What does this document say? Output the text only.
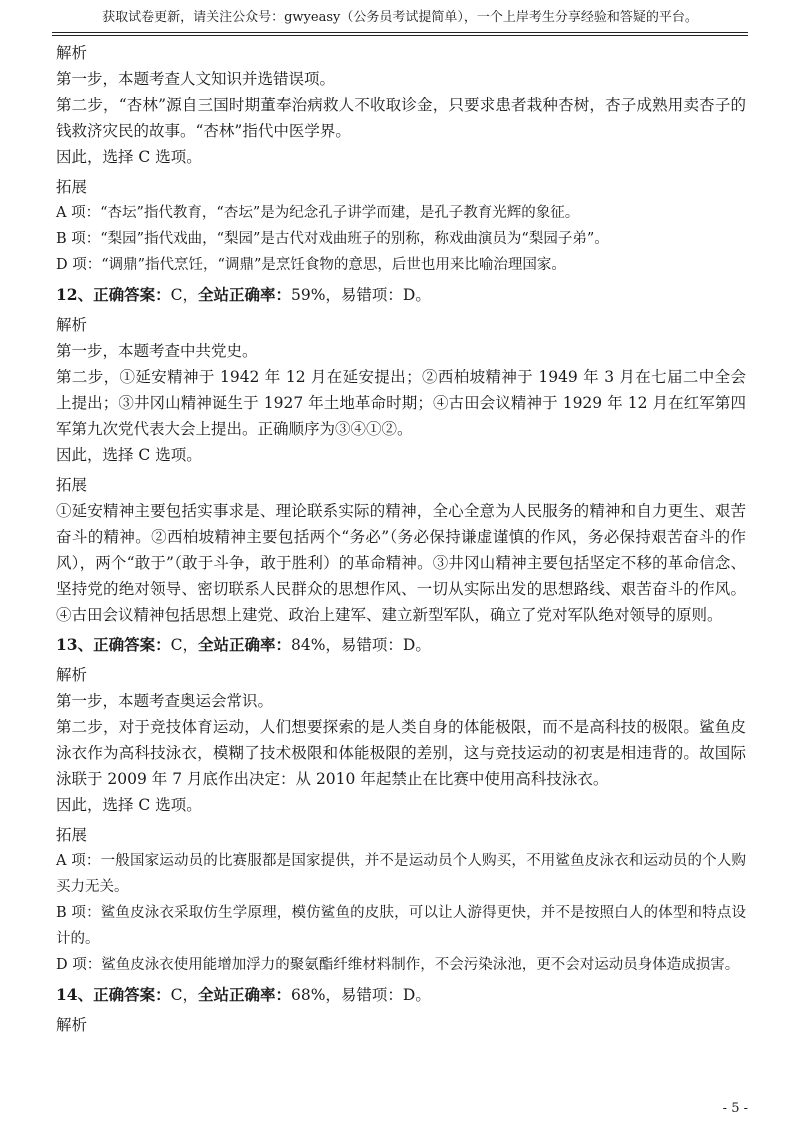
获取试卷更新，请关注公众号：gwyeasy（公务员考试提简单），一个上岸考生分享经验和答疑的平台。

解析

第一步，本题考查人文知识并选错误项。

第二步，“杏林”源自三国时期董奉治病救人不收取诊金，只要求患者栽种杏树，杏子成熟用卖杏子的钱救济灾民的故事。“杏林”指代中医学界。

因此，选择 C 选项。

拓展

A 项：“杏坛”指代教育，“杏坛”是为纪念孔子讲学而建，是孔子教育光辉的象征。

B 项：“梨园”指代戏曲，“梨园”是古代对戏曲班子的别称，称戏曲演员为“梨园子弟”。

D 项：“调鼎”指代烹饪，“调鼎”是烹饪食物的意思，后世也用来比喻治理国家。

12、正确答案：C，全站正确率：59%，易错项：D。

解析

第一步，本题考查中共党史。

第二步，①延安精神于 1942 年 12 月在延安提出；②西柏坡精神于 1949 年 3 月在七届二中全会上提出；③井冈山精神诞生于 1927 年土地革命时期；④古田会议精神于 1929 年 12 月在红军第四军第九次党代表大会上提出。正确顺序为③④①②。

因此，选择 C 选项。

拓展

①延安精神主要包括实事求是、理论联系实际的精神，全心全意为人民服务的精神和自力更生、艰苦奋斗的精神。②西柏坡精神主要包括两个“务必”（务必保持谦虚谨慎的作风，务必保持艰苦奋斗的作风），两个“敢于”（敢于斗争，敢于胜利）的革命精神。③井冈山精神主要包括坚定不移的革命信念、坚持党的绝对领导、密切联系人民群众的思想作风、一切从实际出发的思想路线、艰苦奋斗的作风。④古田会议精神包括思想上建党、政治上建军、建立新型军队，确立了党对军队绝对领导的原则。

13、正确答案：C，全站正确率：84%，易错项：D。

解析

第一步，本题考查奥运会常识。

第二步，对于竞技体育运动，人们想要探索的是人类自身的体能极限，而不是高科技的极限。鲨鱼皮泳衣作为高科技泳衣，模糊了技术极限和体能极限的差别，这与竞技运动的初衷是相违背的。故国际泳联于 2009 年 7 月底作出决定：从 2010 年起禁止在比赛中使用高科技泳衣。

因此，选择 C 选项。

拓展

A 项：一般国家运动员的比赛服都是国家提供，并不是运动员个人购买，不用鲨鱼皮泳衣和运动员的个人购买力无关。

B 项：鲨鱼皮泳衣采取仿生学原理，模仿鲨鱼的皮肤，可以让人游得更快，并不是按照白人的体型和特点设计的。

D 项：鲨鱼皮泳衣使用能增加浮力的聚氨酯纤维材料制作，不会污染泳池，更不会对运动员身体造成损害。

14、正确答案：C，全站正确率：68%，易错项：D。

解析

- 5 -
